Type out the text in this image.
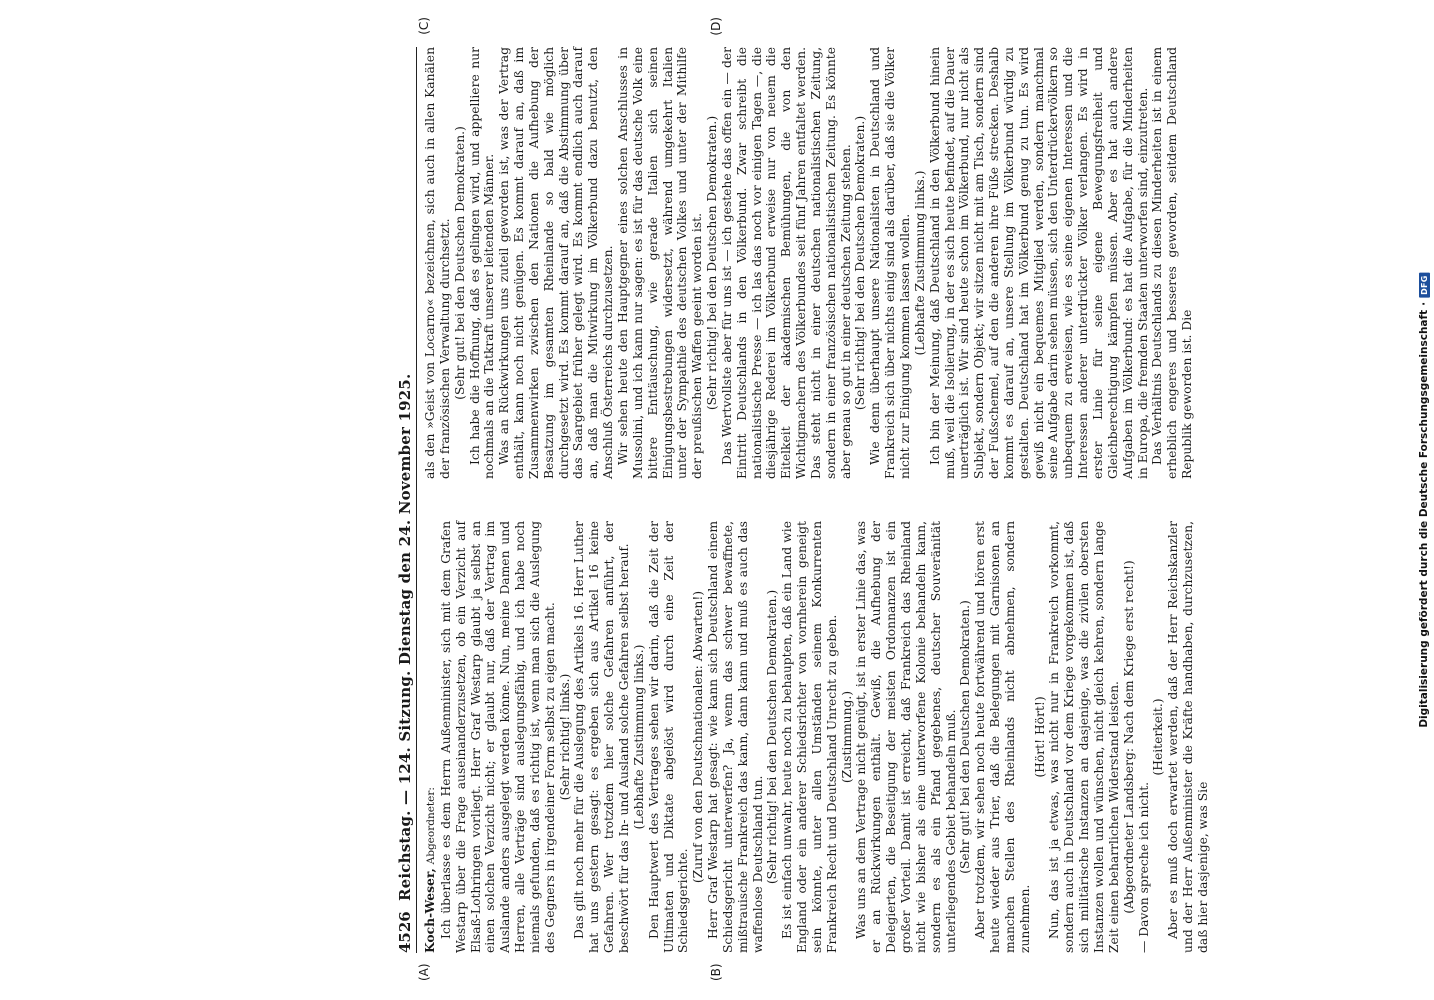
4526
Reichstag. — 124. Sitzung. Dienstag den 24. November 1925.

Koch-Weser, Abgeordneter: Ich überlasse es dem Herrn Außenminister, sich mit dem Grafen Westarp über die Frage auseinanderzusetzen, ob ein Verzicht auf Elsaß-Lothringen vorliegt. Herr Graf Westarp glaubt ja selbst an einen solchen Verzicht nicht; er glaubt nur, daß der Vertrag im Auslande anders ausgelegt werden könne. Nun, meine Damen und Herren, alle Verträge sind auslegungsfähig, und ich habe noch niemals gefunden, daß es richtig ist, wenn man sich die Auslegung des Gegners in irgendeiner Form selbst zu eigen macht. (Sehr richtig! links.) Das gilt noch mehr für die Auslegung des Artikels 16. Herr Luther hat uns gestern gesagt: es ergeben sich aus Artikel 16 keine Gefahren. Wer trotzdem hier solche Gefahren anführt, der beschwört für das In- und Ausland solche Gefahren selbst herauf. (Lebhafte Zustimmung links.) Den Hauptwert des Vertrages sehen wir darin, daß die Zeit der Ultimaten und Diktate abgelöst wird durch eine Zeit der Schiedsgerichte.

(Zuruf von den Deutschnationalen: Abwarten!) Herr Graf Westarp hat gesagt: wie kann sich Deutschland einem Schiedsgericht unterwerfen? Ja, wenn das schwer bewaffnete, mißtrauische Frankreich das kann, dann kann und muß es auch das waffenlose Deutschland tun. (Sehr richtig! bei den Deutschen Demokraten.) Es ist einfach unwahr, heute noch zu behaupten, daß ein Land wie England oder ein anderer Schiedsrichter von vornherein geneigt sein könnte, unter allen Umständen seinem Konkurrenten Frankreich Recht und Deutschland Unrecht zu geben. (Zustimmung.) Was uns an dem Vertrage nicht genügt, ist in erster Linie das, was er an Rückwirkungen enthält. Gewiß, die Aufhebung der Delegierten, die Beseitigung der meisten Ordonnanzen ist ein großer Vorteil. Damit ist erreicht, daß Frankreich das Rheinland nicht wie bisher als eine unterworfene Kolonie behandeln kann, sondern es als ein Pfand gegebenes, deutscher Souveränität unterliegendes Gebiet behandeln muß. (Sehr gut! bei den Deutschen Demokraten.) Aber trotzdem, wir sehen noch heute fortwährend und hören erst heute wieder aus Trier, daß die Belegungen mit Garnisonen an manchen Stellen des Rheinlands nicht abnehmen, sondern zunehmen.

(Hört! Hört!) Nun, das ist ja etwas, was nicht nur in Frankreich vorkommt, sondern auch in Deutschland vor dem Kriege vorgekommen ist, daß sich militärische Instanzen an dasjenige, was die zivilen obersten Instanzen wollen und wünschen, nicht gleich kehren, sondern lange Zeit einen beharrlichen Widerstand leisten. (Abgeordneter Landsberg: Nach dem Kriege erst recht!) — Davon spreche ich nicht.

(Heiterkeit.) Aber es muß doch erwartet werden, daß der Herr Reichskanzler und der Herr Außenminister die Kräfte handhaben, durchzusetzen, daß hier dasjenige, was Sie

als den »Geist von Locarno« bezeichnen, sich auch in allen Kanälen der französischen Verwaltung durchsetzt. (Sehr gut! bei den Deutschen Demokraten.) Ich habe die Hoffnung, daß es gelingen wird, und appelliere nur nochmals an die Tatkraft unserer leitenden Männer. Was an Rückwirkungen uns zuteil geworden ist, was der Vertrag enthält, kann noch nicht genügen. Es kommt darauf an, daß im Zusammenwirken zwischen den Nationen die Aufhebung der Besatzung im gesamten Rheinlande so bald wie möglich durchgesetzt wird. Es kommt darauf an, daß die Abstimmung über das Saargebiet früher gelegt wird. Es kommt endlich auch darauf an, daß man die Mitwirkung im Völkerbund dazu benutzt, den Anschluß Österreichs durchzusetzen. Wir sehen heute den Hauptgegner eines solchen Anschlusses in Mussolini, und ich kann nur sagen: es ist für das deutsche Volk eine bittere Enttäuschung, wie gerade Italien sich seinen Einigungsbestrebungen widersetzt, während umgekehrt Italien unter der Sympathie des deutschen Volkes und unter der Mithilfe der preußischen Waffen geeint worden ist. (Sehr richtig! bei den Deutschen Demokraten.) Das Wertvollste aber für uns ist — ich gestehe das offen ein — der Eintritt Deutschlands in den Völkerbund. Zwar schreibt die nationalistische Presse — ich las das noch vor einigen Tagen —, die diesjährige Rederei im Völkerbund erweise nur von neuem die Eitelkeit der akademischen Bemühungen, die von den Wichtigmachern des Völkerbundes seit fünf Jahren entfaltet werden. Das steht nicht in einer deutschen nationalistischen Zeitung, sondern in einer französischen nationalistischen Zeitung. Es könnte aber genau so gut in einer deutschen Zeitung stehen. (Sehr richtig! bei den Deutschen Demokraten.) Wie denn überhaupt unsere Nationalisten in Deutschland und Frankreich sich über nichts einig sind als darüber, daß sie die Völker nicht zur Einigung kommen lassen wollen. (Lebhafte Zustimmung links.) Ich bin der Meinung, daß Deutschland in den Völkerbund hinein muß, weil die Isolierung, in der es sich heute befindet, auf die Dauer unerträglich ist. Wir sind heute schon im Völkerbund, nur nicht als Subjekt, sondern Objekt; wir sitzen nicht mit am Tisch, sondern sind der Fußschemel, auf den die anderen ihre Füße strecken. Deshalb kommt es darauf an, unsere Stellung im Völkerbund würdig zu gestalten. Deutschland hat im Völkerbund genug zu tun. Es wird gewiß nicht ein bequemes Mitglied werden, sondern manchmal seine Aufgabe darin sehen müssen, sich den Unterdrückervölkern so unbequem zu erweisen, wie es seine eigenen Interessen und die Interessen anderer unterdrückter Völker verlangen. Es wird in erster Linie für seine eigene Bewegungsfreiheit und Gleichberechtigung kämpfen müssen. Aber es hat auch andere Aufgaben im Völkerbund: es hat die Aufgabe, für die Minderheiten in Europa, die fremden Staaten unterworfen sind, einzutreten. Das Verhältnis Deutschlands zu diesen Minderheiten ist in einem erheblich engeres und besseres geworden, seitdem Deutschland Republik geworden ist. Die

(A)	(B)
(C)	(D)
Digitalisierung gefördert durch die Deutsche Forschungsgemeinschaft
·
DFG
